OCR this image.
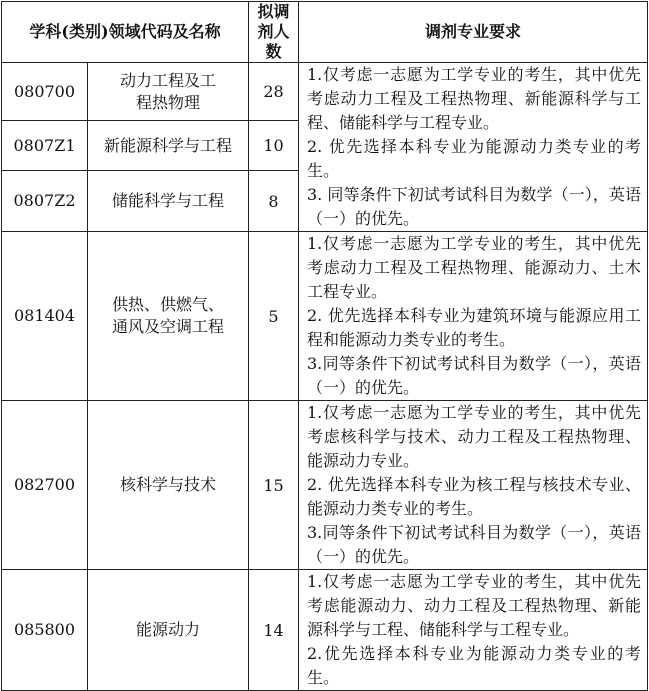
学科(类别)领域代码及名称		拟调剂人数	调剂专业要求
080700	动力工程及工程热物理	28	1.仅考虑一志愿为工学专业的考生，其中优先考虑动力工程及工程热物理、新能源科学与工程、储能科学与工程专业。
2. 优先选择本科专业为能源动力类专业的考生。
3. 同等条件下初试考试科目为数学（一），英语（一）的优先。

0807Z1	新能源科学与工程	10	
0807Z2	储能科学与工程	8	
081404	供热、供燃气、通风及空调工程	5	1.仅考虑一志愿为工学专业的考生，其中优先考虑动力工程及工程热物理、能源动力、土木工程专业。
2. 优先选择本科专业为建筑环境与能源应用工程和能源动力类专业的考生。
3.同等条件下初试考试科目为数学（一），英语（一）的优先。

082700	核科学与技术	15	1.仅考虑一志愿为工学专业的考生，其中优先考虑核科学与技术、动力工程及工程热物理、能源动力专业。
2. 优先选择本科专业为核工程与核技术专业、能源动力类专业的考生。
3.同等条件下初试考试科目为数学（一），英语（一）的优先。

085800	能源动力	14	1.仅考虑一志愿为工学专业的考生，其中优先考虑能源动力、动力工程及工程热物理、新能源科学与工程、储能科学与工程专业。
2.优先选择本科专业为能源动力类专业的考生。
